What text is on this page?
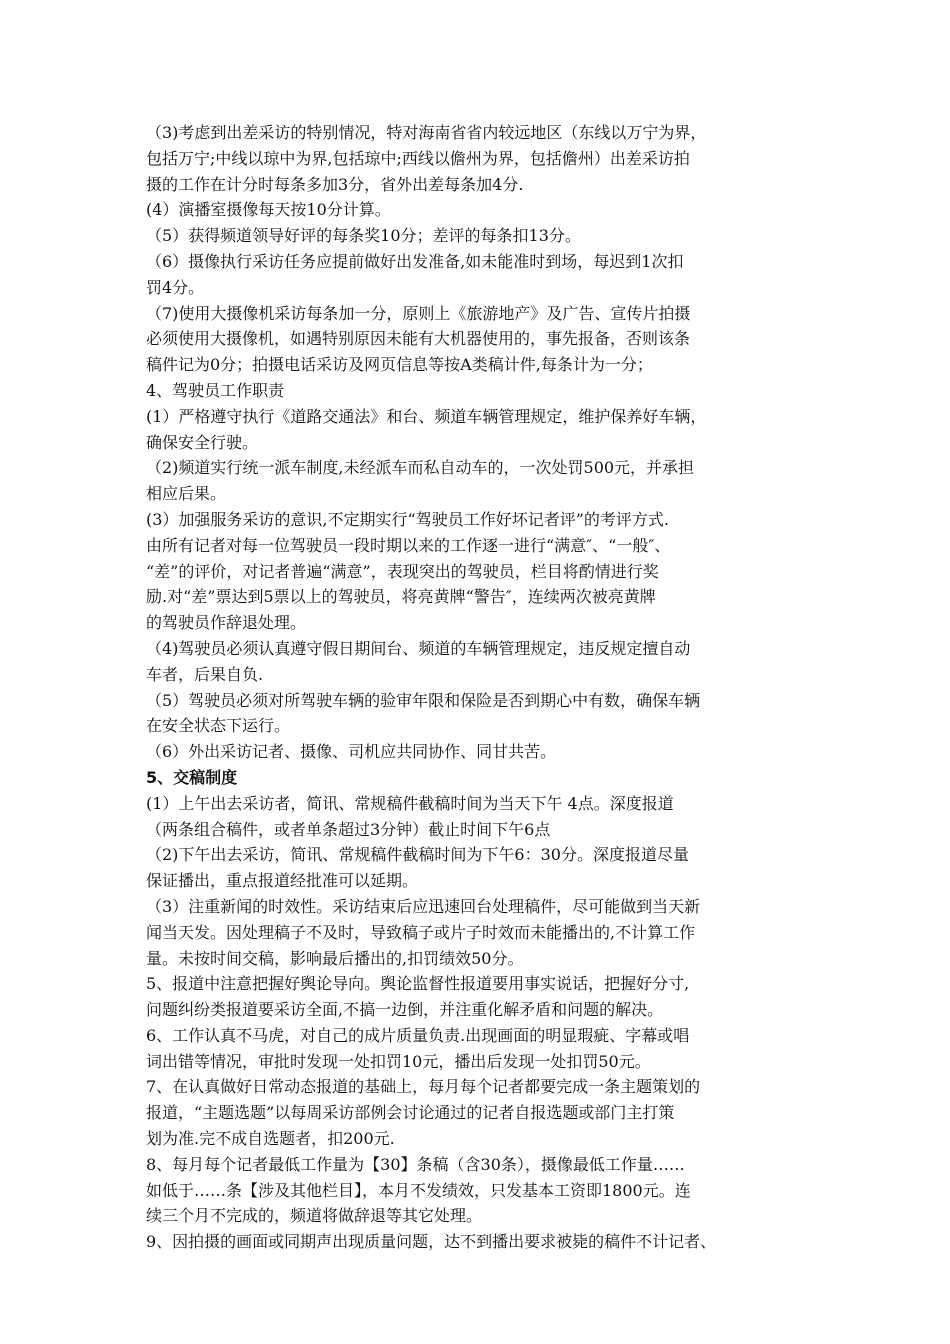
（3)考虑到出差采访的特别情况，特对海南省省内较远地区（东线以万宁为界，
包括万宁;中线以琼中为界,包括琼中;西线以儋州为界，包括儋州）出差采访拍
摄的工作在计分时每条多加3分，省外出差每条加4分.
(4）演播室摄像每天按10分计算。
（5）获得频道领导好评的每条奖10分；差评的每条扣13分。
（6）摄像执行采访任务应提前做好出发准备,如未能准时到场，每迟到1次扣
罚4分。
（7)使用大摄像机采访每条加一分，原则上《旅游地产》及广告、宣传片拍摄
必须使用大摄像机，如遇特别原因未能有大机器使用的，事先报备，否则该条
稿件记为0分；拍摄电话采访及网页信息等按A类稿计件,每条计为一分；
4、驾驶员工作职责
(1）严格遵守执行《道路交通法》和台、频道车辆管理规定，维护保养好车辆，
确保安全行驶。
（2)频道实行统一派车制度,未经派车而私自动车的，一次处罚500元，并承担
相应后果。
(3）加强服务采访的意识,不定期实行“驾驶员工作好坏记者评”的考评方式.
由所有记者对每一位驾驶员一段时期以来的工作逐一进行“满意″、“一般″、
“差”的评价，对记者普遍“满意”，表现突出的驾驶员，栏目将酌情进行奖
励.对“差”票达到5票以上的驾驶员，将亮黄牌“警告″，连续两次被亮黄牌
的驾驶员作辞退处理。
（4)驾驶员必须认真遵守假日期间台、频道的车辆管理规定，违反规定擅自动
车者，后果自负.
（5）驾驶员必须对所驾驶车辆的验审年限和保险是否到期心中有数，确保车辆
在安全状态下运行。
（6）外出采访记者、摄像、司机应共同协作、同甘共苦。
5、交稿制度
(1）上午出去采访者，简讯、常规稿件截稿时间为当天下午 4点。深度报道
（两条组合稿件，或者单条超过3分钟）截止时间下午6点
（2)下午出去采访，简讯、常规稿件截稿时间为下午6：30分。深度报道尽量
保证播出，重点报道经批准可以延期。
（3）注重新闻的时效性。采访结束后应迅速回台处理稿件，尽可能做到当天新
闻当天发。因处理稿子不及时，导致稿子或片子时效而未能播出的,不计算工作
量。未按时间交稿，影响最后播出的,扣罚绩效50分。
5、报道中注意把握好舆论导向。舆论监督性报道要用事实说话，把握好分寸,
问题纠纷类报道要采访全面,不搞一边倒，并注重化解矛盾和问题的解决。
6、工作认真不马虎，对自己的成片质量负责.出现画面的明显瑕疵、字幕或唱
词出错等情况，审批时发现一处扣罚10元，播出后发现一处扣罚50元。
7、在认真做好日常动态报道的基础上，每月每个记者都要完成一条主题策划的
报道，“主题选题”以每周采访部例会讨论通过的记者自报选题或部门主打策
划为准.完不成自选题者，扣200元.
8、每月每个记者最低工作量为【30】条稿（含30条），摄像最低工作量……
如低于……条【涉及其他栏目】，本月不发绩效，只发基本工资即1800元。连
续三个月不完成的，频道将做辞退等其它处理。
9、因拍摄的画面或同期声出现质量问题，达不到播出要求被毙的稿件不计记者、
